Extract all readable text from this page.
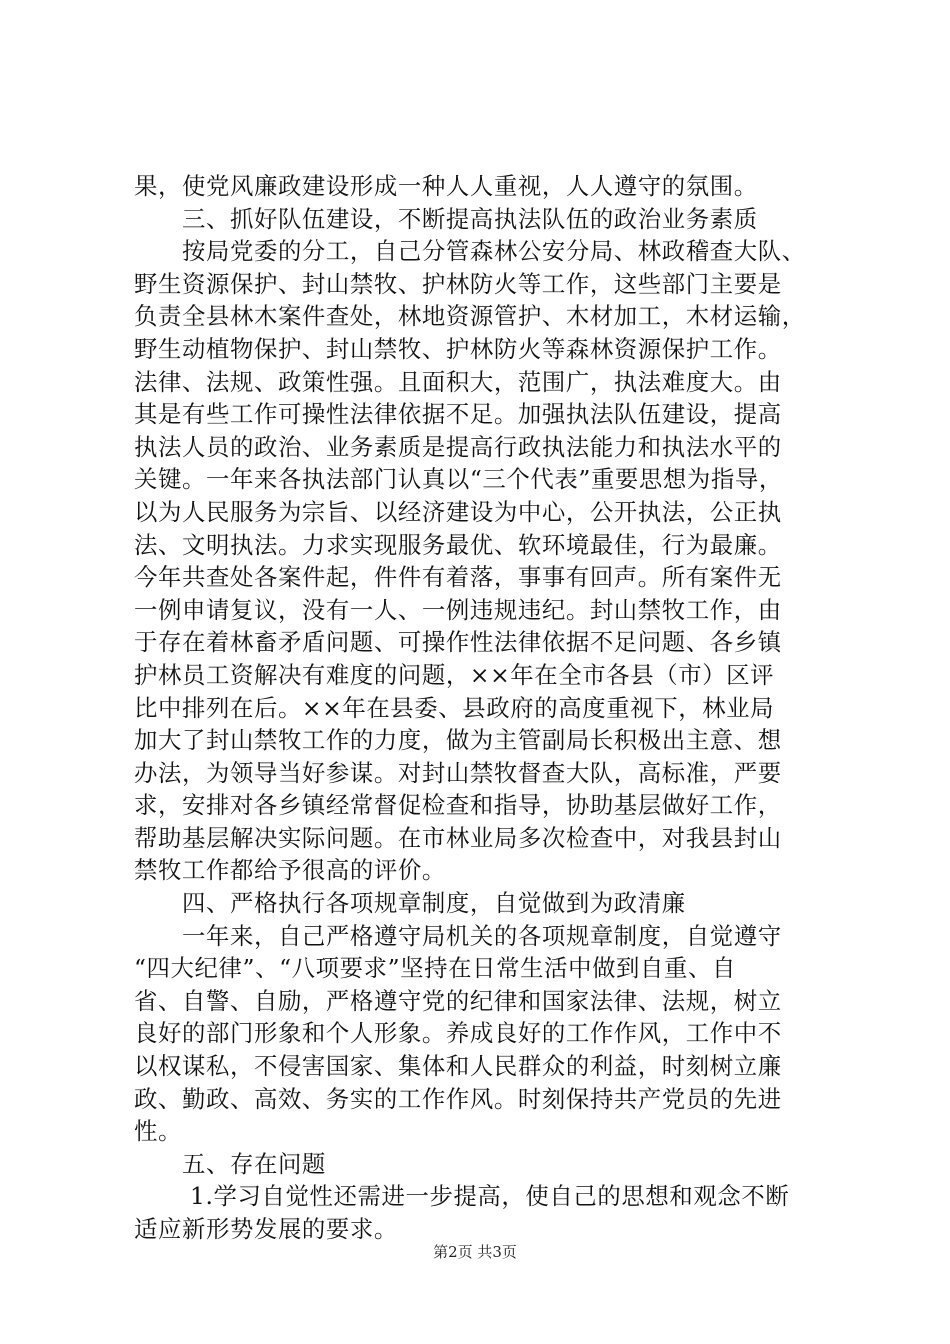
果，使党风廉政建设形成一种人人重视，人人遵守的氛围。
　　三、抓好队伍建设，不断提高执法队伍的政治业务素质
　　按局党委的分工，自己分管森林公安分局、林政稽查大队、
野生资源保护、封山禁牧、护林防火等工作，这些部门主要是
负责全县林木案件查处，林地资源管护、木材加工，木材运输，
野生动植物保护、封山禁牧、护林防火等森林资源保护工作。
法律、法规、政策性强。且面积大，范围广，执法难度大。由
其是有些工作可操性法律依据不足。加强执法队伍建设，提高
执法人员的政治、业务素质是提高行政执法能力和执法水平的
关键。一年来各执法部门认真以“三个代表”重要思想为指导，
以为人民服务为宗旨、以经济建设为中心，公开执法，公正执
法、文明执法。力求实现服务最优、软环境最佳，行为最廉。
今年共查处各案件起，件件有着落，事事有回声。所有案件无
一例申请复议，没有一人、一例违规违纪。封山禁牧工作，由
于存在着林畜矛盾问题、可操作性法律依据不足问题、各乡镇
护林员工资解决有难度的问题，××年在全市各县（市）区评
比中排列在后。××年在县委、县政府的高度重视下，林业局
加大了封山禁牧工作的力度，做为主管副局长积极出主意、想
办法，为领导当好参谋。对封山禁牧督查大队，高标准，严要
求，安排对各乡镇经常督促检查和指导，协助基层做好工作，
帮助基层解决实际问题。在市林业局多次检查中，对我县封山
禁牧工作都给予很高的评价。
　　四、严格执行各项规章制度，自觉做到为政清廉
　　一年来，自己严格遵守局机关的各项规章制度，自觉遵守
“四大纪律”、“八项要求”坚持在日常生活中做到自重、自
省、自警、自励，严格遵守党的纪律和国家法律、法规，树立
良好的部门形象和个人形象。养成良好的工作作风，工作中不
以权谋私，不侵害国家、集体和人民群众的利益，时刻树立廉
政、勤政、高效、务实的工作作风。时刻保持共产党员的先进
性。
　　五、存在问题
　　 1.学习自觉性还需进一步提高，使自己的思想和观念不断
适应新形势发展的要求。
第2页 共3页
